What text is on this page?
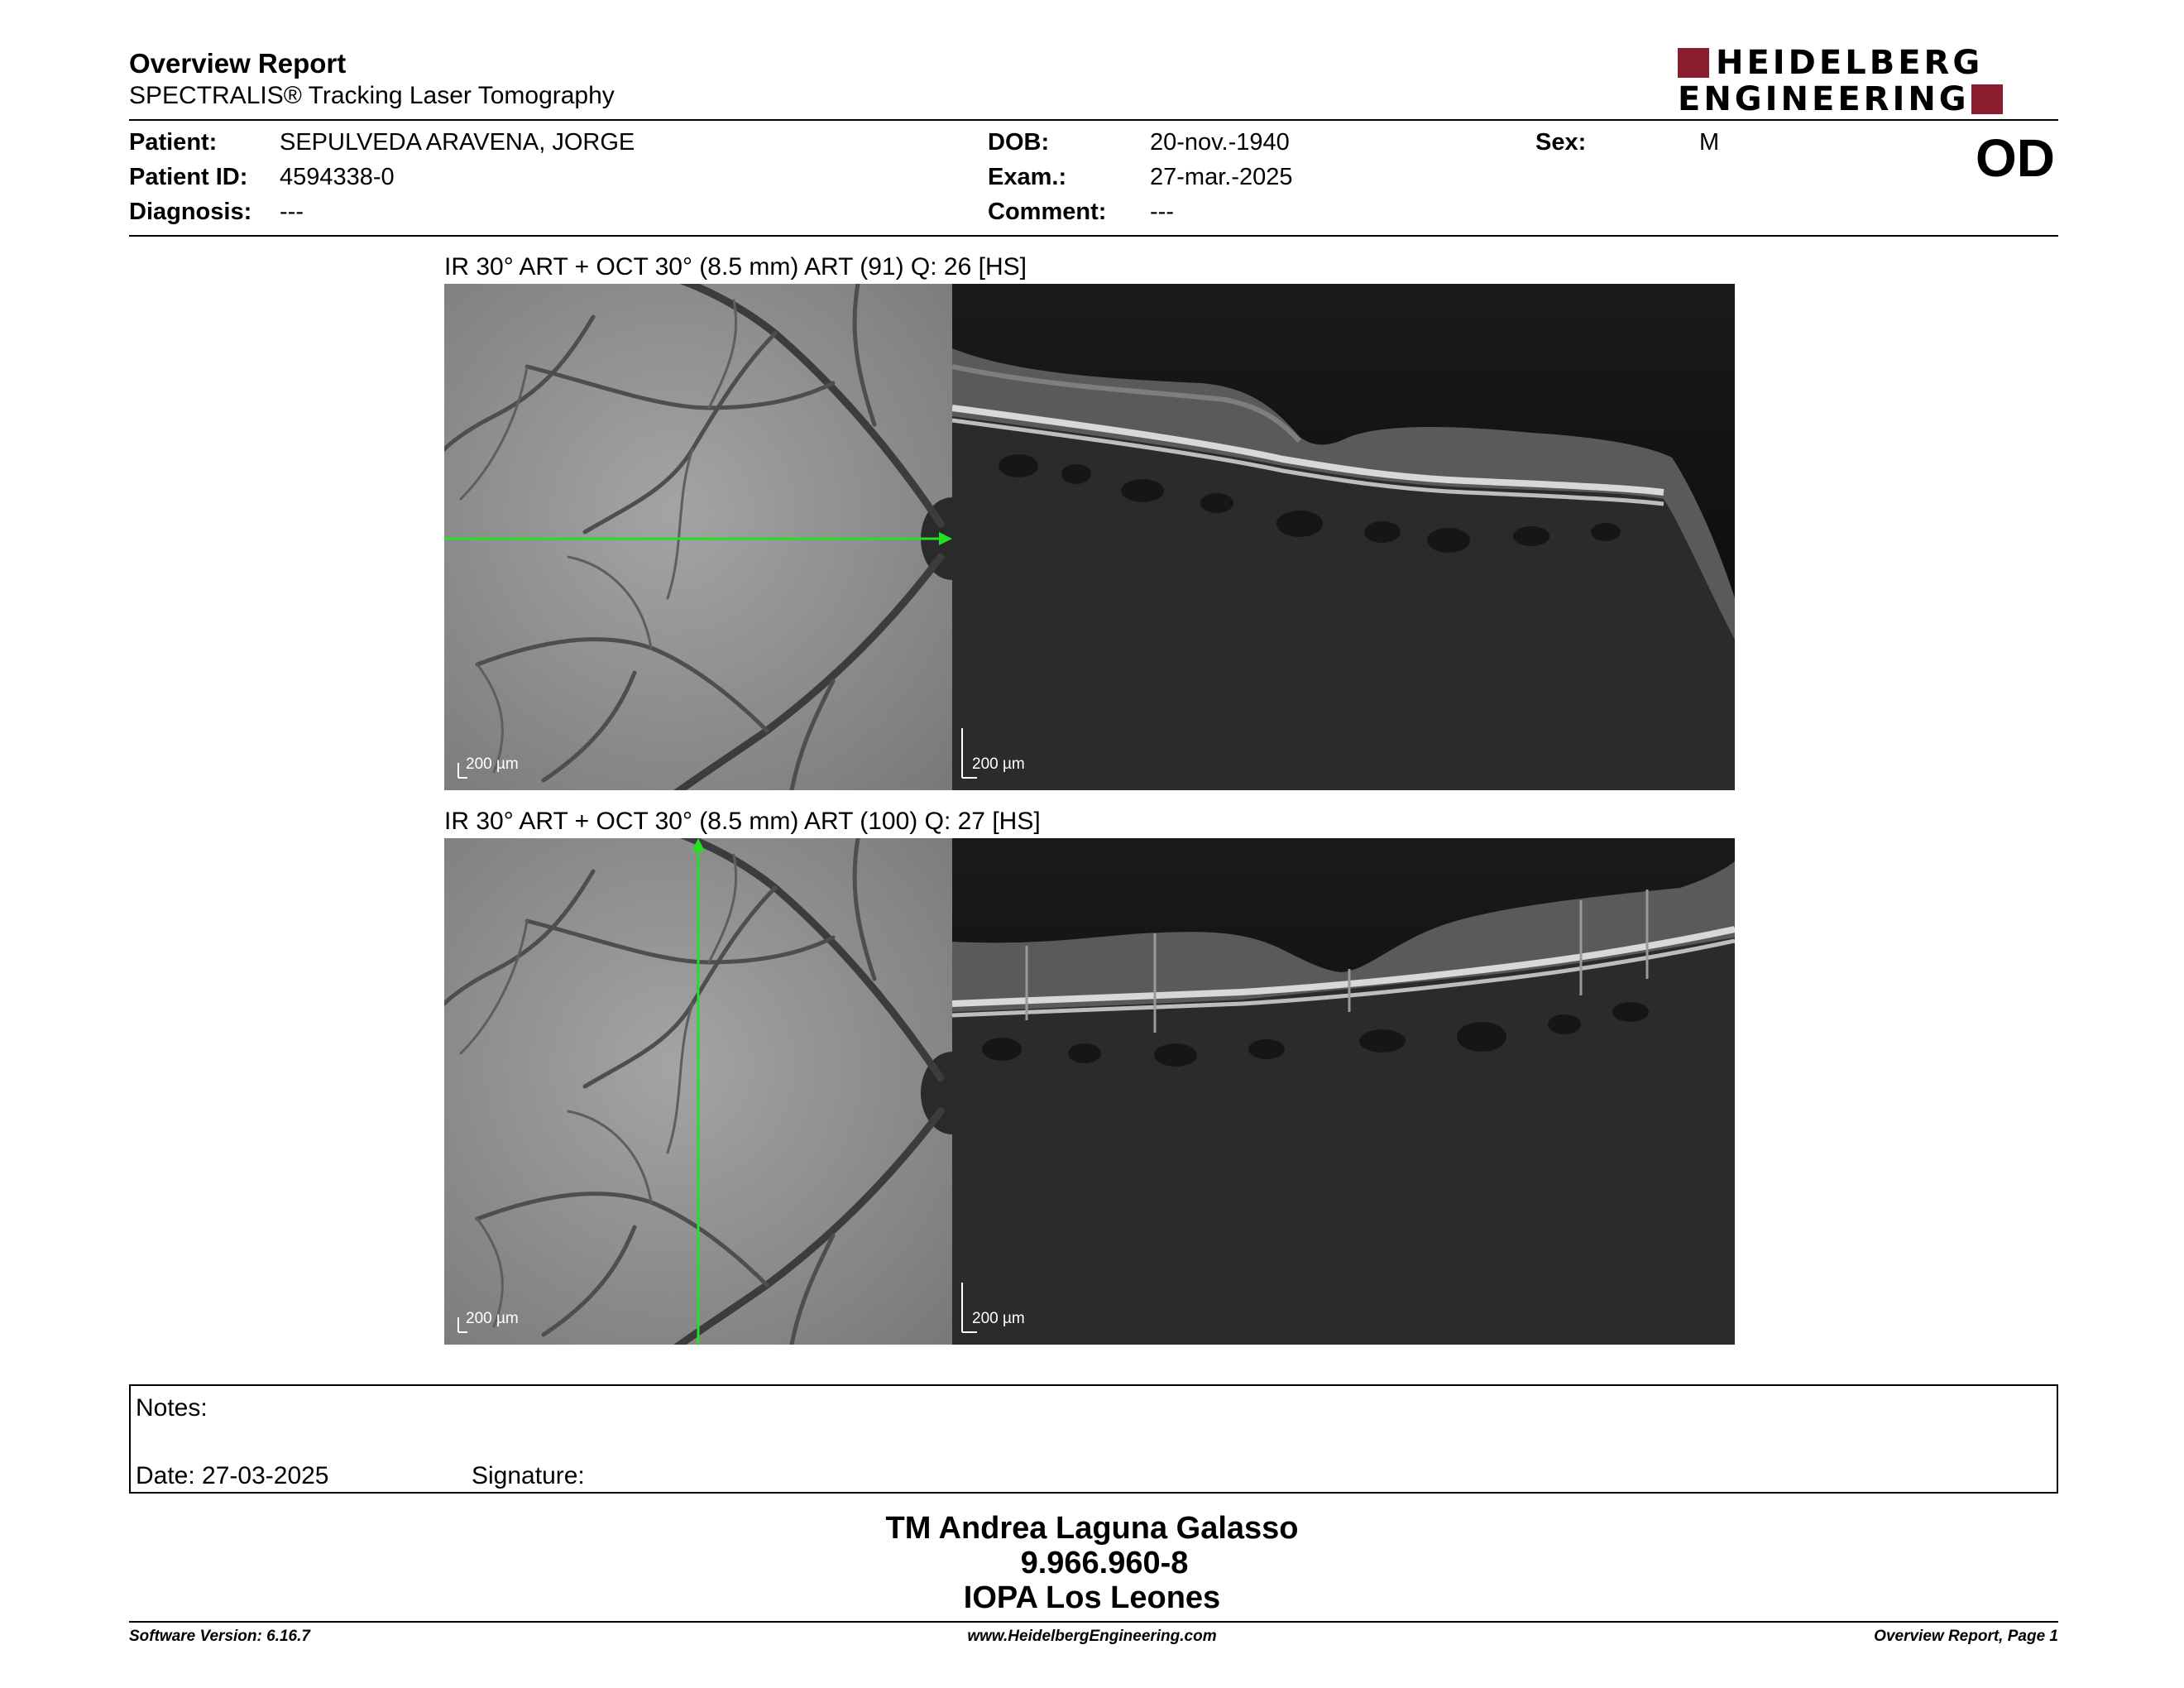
Overview Report
SPECTRALIS® Tracking Laser Tomography
HEIDELBERG
ENGINEERING
Patient:	SEPULVEDA ARAVENA, JORGE
Patient ID: 4594338-0
Diagnosis: ---
DOB:	20-nov.-1940
Exam.:	27-mar.-2025
Comment: ---
Sex:	M	OD
IR 30° ART + OCT 30° (8.5 mm) ART (91) Q: 26 [HS]
200 µm	200 µm
IR 30° ART + OCT 30° (8.5 mm) ART (100) Q: 27 [HS]
200 µm	200 µm
Notes:
Date: 27-03-2025	Signature:
TM Andrea Laguna Galasso
9.966.960-8
IOPA Los Leones
Software Version: 6.16.7	www.HeidelbergEngineering.com	Overview Report, Page 1
